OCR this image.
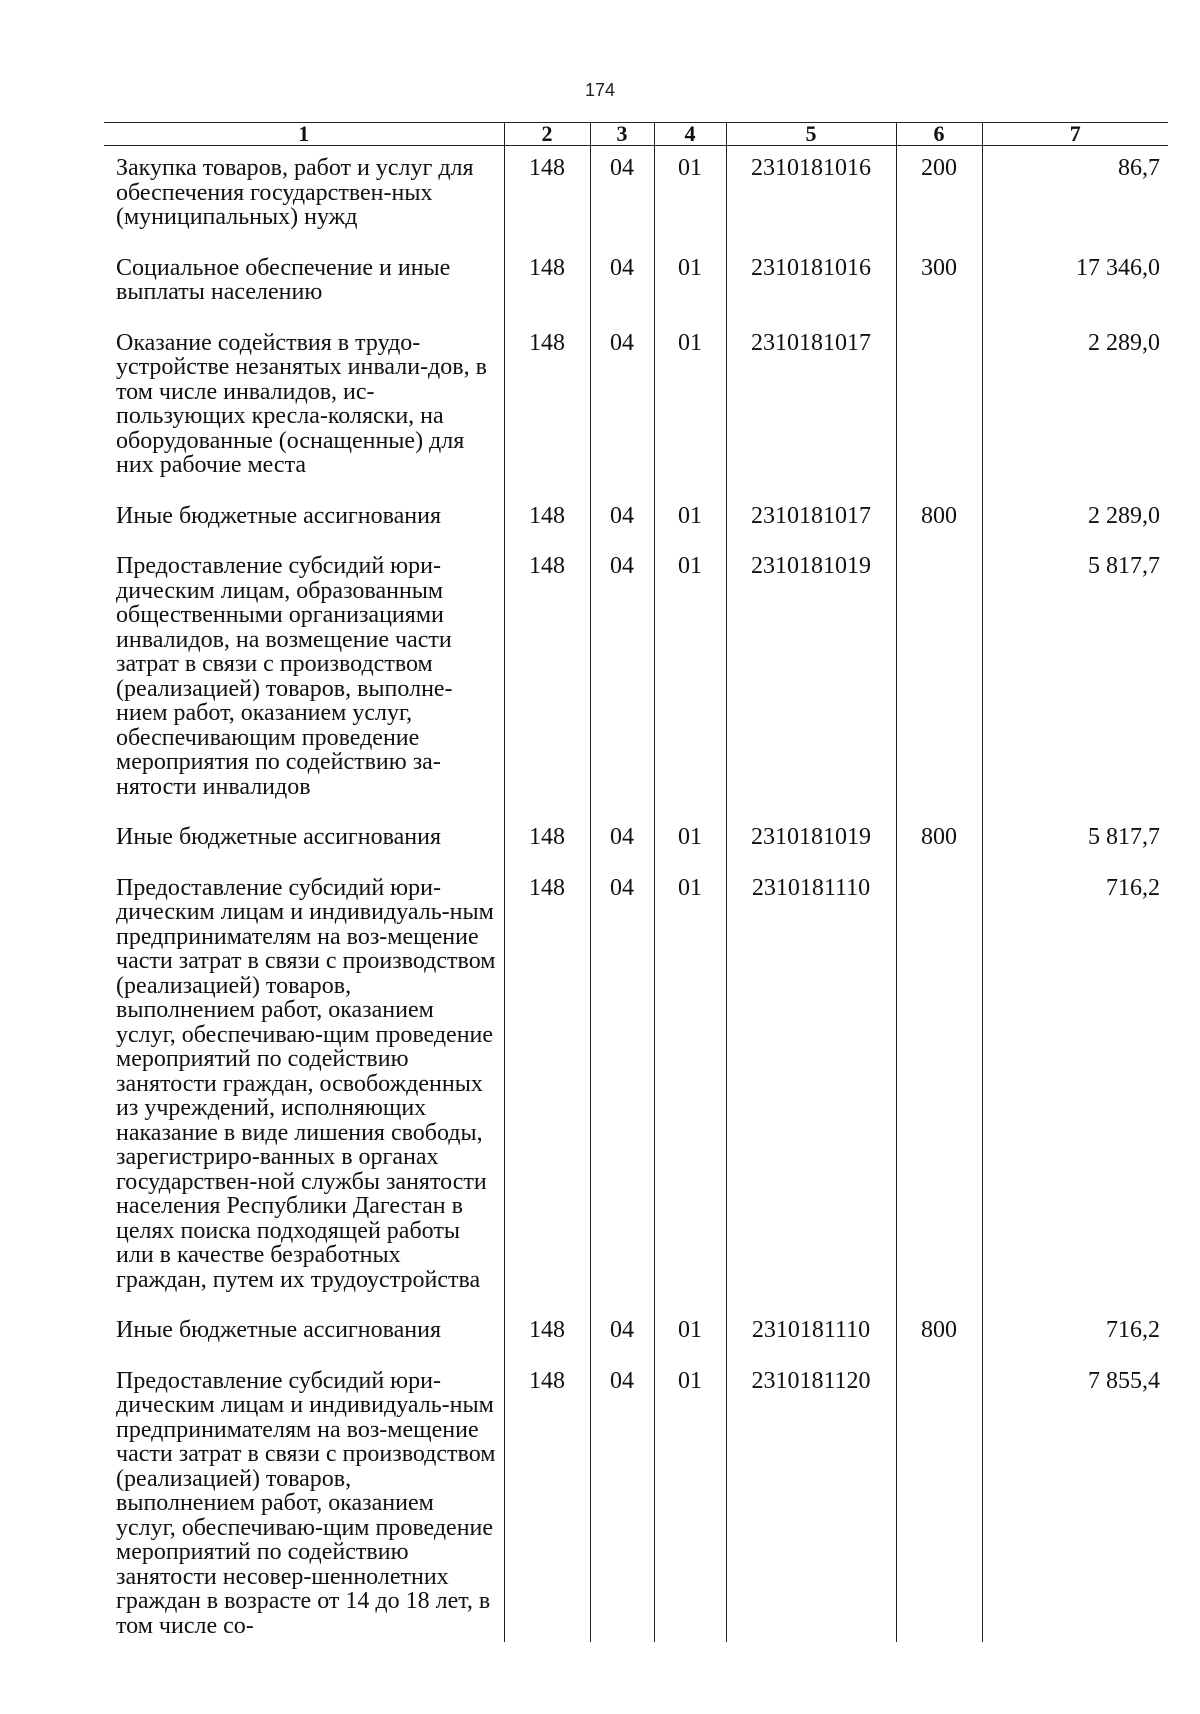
174
1	2	3	4	5	6	7
Закупка товаров, работ и услуг для обеспечения государствен-ных (муниципальных) нужд	148	04	01	2310181016	200	86,7
Социальное обеспечение и иные выплаты населению	148	04	01	2310181016	300	17 346,0
Оказание содействия в трудо-устройстве незанятых инвали-дов, в том числе инвалидов, ис-пользующих кресла-коляски, на оборудованные (оснащенные) для них рабочие места	148	04	01	2310181017		2 289,0
Иные бюджетные ассигнования	148	04	01	2310181017	800	2 289,0
Предоставление субсидий юри-дическим лицам, образованным общественными организациями инвалидов, на возмещение части затрат в связи с производством (реализацией) товаров, выполне-нием работ, оказанием услуг, обеспечивающим проведение мероприятия по содействию за-нятости инвалидов	148	04	01	2310181019		5 817,7
Иные бюджетные ассигнования	148	04	01	2310181019	800	5 817,7
Предоставление субсидий юри-дическим лицам и индивидуаль-ным предпринимателям на воз-мещение части затрат в связи с производством (реализацией) товаров, выполнением работ, оказанием услуг, обеспечиваю-щим проведение мероприятий по содействию занятости граждан, освобожденных из учреждений, исполняющих наказание в виде лишения свободы, зарегистриро-ванных в органах государствен-ной службы занятости населения Республики Дагестан в целях поиска подходящей работы или в качестве безработных граждан, путем их трудоустройства	148	04	01	2310181110		716,2
Иные бюджетные ассигнования	148	04	01	2310181110	800	716,2
Предоставление субсидий юри-дическим лицам и индивидуаль-ным предпринимателям на воз-мещение части затрат в связи с производством (реализацией) товаров, выполнением работ, оказанием услуг, обеспечиваю-щим проведение мероприятий по содействию занятости несовер-шеннолетних граждан в возрасте от 14 до 18 лет, в том числе со-	148	04	01	2310181120		7 855,4
